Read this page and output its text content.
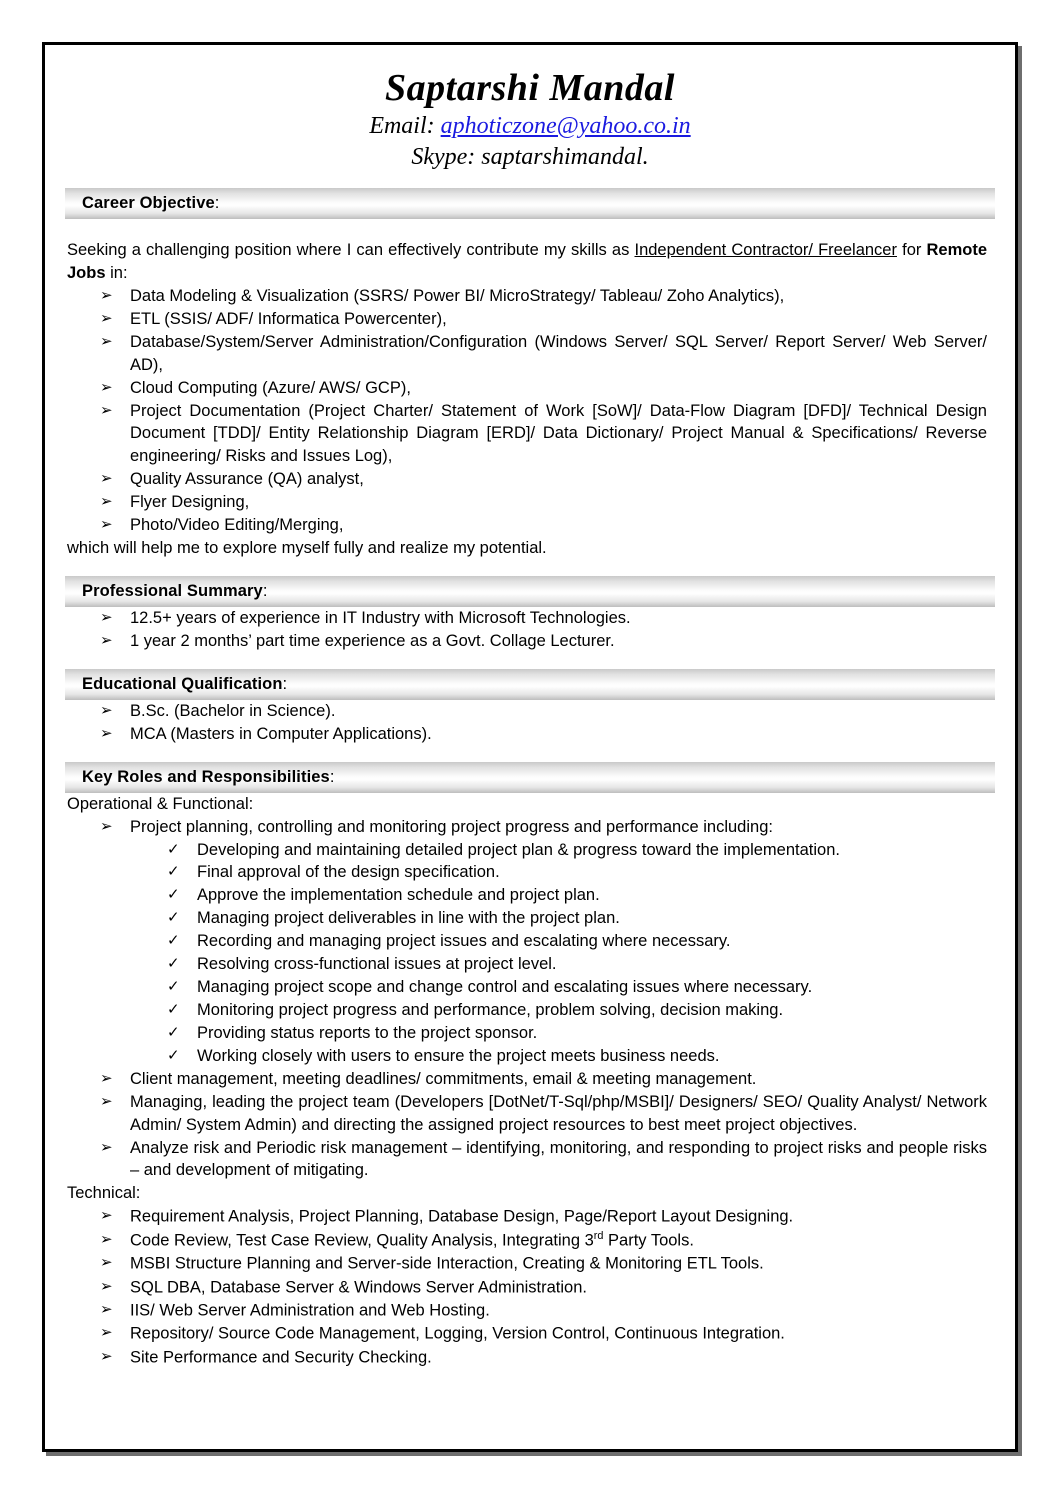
Saptarshi Mandal
Email: aphoticzone@yahoo.co.in
Skype: saptarshimandal.
Career Objective :

Seeking a challenging position where I can effectively contribute my skills as Independent Contractor/ Freelancer for Remote Jobs in:

➢ Data Modeling & Visualization (SSRS/ Power BI/ MicroStrategy/ Tableau/ Zoho Analytics),
➢ ETL (SSIS/ ADF/ Informatica Powercenter),
➢ Database/System/Server Administration/Configuration (Windows Server/ SQL Server/ Report Server/ Web Server/ AD),
➢ Cloud Computing (Azure/ AWS/ GCP),
➢ Project Documentation (Project Charter/ Statement of Work [SoW]/ Data-Flow Diagram [DFD]/ Technical Design Document [TDD]/ Entity Relationship Diagram [ERD]/ Data Dictionary/ Project Manual & Specifications/ Reverse engineering/ Risks and Issues Log),
➢ Quality Assurance (QA) analyst,
➢ Flyer Designing,
➢ Photo/Video Editing/Merging,

which will help me to explore myself fully and realize my potential.

Professional Summary :
➢ 12.5+ years of experience in IT Industry with Microsoft Technologies.
➢ 1 year 2 months’ part time experience as a Govt. Collage Lecturer.
Educational Qualification :
➢ B.Sc. (Bachelor in Science).
➢ MCA (Masters in Computer Applications).
Key Roles and Responsibilities :

Operational & Functional:

➢ Project planning, controlling and monitoring project progress and performance including:
✓ Developing and maintaining detailed project plan & progress toward the implementation.
✓ Final approval of the design specification.
✓ Approve the implementation schedule and project plan.
✓ Managing project deliverables in line with the project plan.
✓ Recording and managing project issues and escalating where necessary.
✓ Resolving cross-functional issues at project level.
✓ Managing project scope and change control and escalating issues where necessary.
✓ Monitoring project progress and performance, problem solving, decision making.
✓ Providing status reports to the project sponsor.
✓ Working closely with users to ensure the project meets business needs.
➢ Client management, meeting deadlines/ commitments, email & meeting management.
➢ Managing, leading the project team (Developers [DotNet/T-Sql/php/MSBI]/ Designers/ SEO/ Quality Analyst/ Network Admin/ System Admin) and directing the assigned project resources to best meet project objectives.
➢ Analyze risk and Periodic risk management – identifying, monitoring, and responding to project risks and people risks – and development of mitigating.

Technical:

➢ Requirement Analysis, Project Planning, Database Design, Page/Report Layout Designing.
➢ Code Review, Test Case Review, Quality Analysis, Integrating 3rd Party Tools.
➢ MSBI Structure Planning and Server-side Interaction, Creating & Monitoring ETL Tools.
➢ SQL DBA, Database Server & Windows Server Administration.
➢ IIS/ Web Server Administration and Web Hosting.
➢ Repository/ Source Code Management, Logging, Version Control, Continuous Integration.
➢ Site Performance and Security Checking.
